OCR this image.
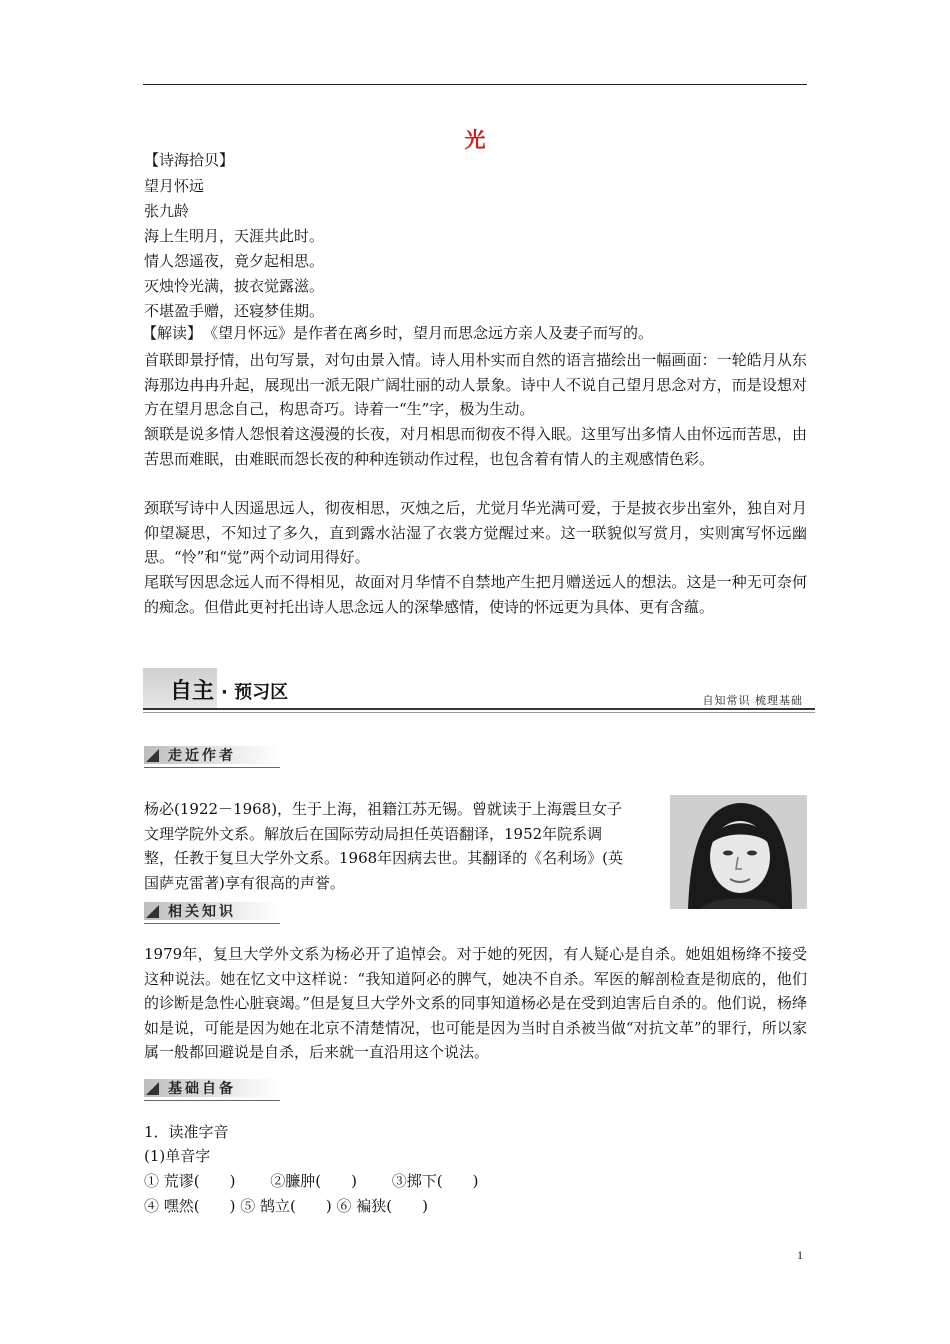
光
【诗海拾贝】
望月怀远
张九龄
海上生明月，天涯共此时。
情人怨遥夜，竟夕起相思。
灭烛怜光满，披衣觉露滋。
不堪盈手赠，还寝梦佳期。
【解读】 《望月怀远》是作者在离乡时，望月而思念远方亲人及妻子而写的。
首联即景抒情，出句写景，对句由景入情。诗人用朴实而自然的语言描绘出一幅画面：一轮皓月从东海那边冉冉升起，展现出一派无限广阔壮丽的动人景象。诗中人不说自己望月思念对方，而是设想对方在望月思念自己，构思奇巧。诗着一“生”字，极为生动。
颔联是说多情人怨恨着这漫漫的长夜，对月相思而彻夜不得入眠。这里写出多情人由怀远而苦思，由苦思而难眠，由难眠而怨长夜的种种连锁动作过程，也包含着有情人的主观感情色彩。
颈联写诗中人因遥思远人，彻夜相思，灭烛之后，尤觉月华光满可爱，于是披衣步出室外，独自对月仰望凝思，不知过了多久，直到露水沾湿了衣裳方觉醒过来。这一联貌似写赏月，实则寓写怀远幽思。“怜”和“觉”两个动词用得好。
尾联写因思念远人而不得相见，故面对月华情不自禁地产生把月赠送远人的想法。这是一种无可奈何的痴念。但借此更衬托出诗人思念远人的深挚感情，使诗的怀远更为具体、更有含蕴。
自主 · 预习区	自知常识 梳理基础
走近作者
杨必(1922－1968)，生于上海，祖籍江苏无锡。曾就读于上海震旦女子
文理学院外文系。解放后在国际劳动局担任英语翻译，1952年院系调
整，任教于复旦大学外文系。1968年因病去世。其翻译的《名利场》(英
国萨克雷著)享有很高的声誉。
相关知识
1979年，复旦大学外文系为杨必开了追悼会。对于她的死因，有人疑心是自杀。她姐姐杨绛不接受这种说法。她在忆文中这样说：“我知道阿必的脾气，她决不自杀。军医的解剖检查是彻底的，他们的诊断是急性心脏衰竭。”但是复旦大学外文系的同事知道杨必是在受到迫害后自杀的。他们说，杨绛如是说，可能是因为她在北京不清楚情况，也可能是因为当时自杀被当做“对抗文革”的罪行，所以家属一般都回避说是自杀，后来就一直沿用这个说法。
基础自备
1．读准字音
(1)单音字
① 荒谬(　　)　　 ②臁肿(　　)　　 ③掷下(　　)
④ 嘿然(　　) ⑤ 鹄立(　　) ⑥ 褊狭(　　)
1
